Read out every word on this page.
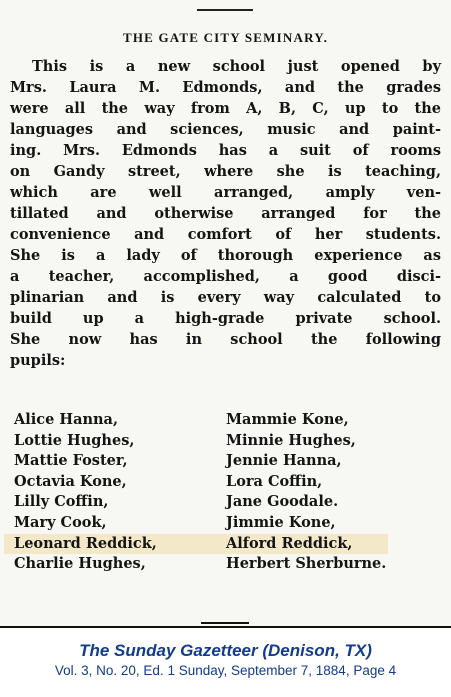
THE GATE CITY SEMINARY.
This is a new school just opened by
Mrs. Laura M. Edmonds, and the grades
were all the way from A, B, C, up to the
languages and sciences, music and paint-
ing. Mrs. Edmonds has a suit of rooms
on Gandy street, where she is teaching,
which are well arranged, amply ven-
tillated and otherwise arranged for the
convenience and comfort of her students.
She is a lady of thorough experience as
a teacher, accomplished, a good disci-
plinarian and is every way calculated to
build up a high-grade private school.
She now has in school the following
pupils:
Alice Hanna,	Mammie Kone,
Lottie Hughes,	Minnie Hughes,
Mattie Foster,	Jennie Hanna,
Octavia Kone,	Lora Coffin,
Lilly Coffin,	Jane Goodale.
Mary Cook,	Jimmie Kone,
Leonard Reddick,	Alford Reddick,
Charlie Hughes,	Herbert Sherburne.
The Sunday Gazetteer (Denison, TX)
Vol. 3, No. 20, Ed. 1 Sunday, September 7, 1884, Page 4
